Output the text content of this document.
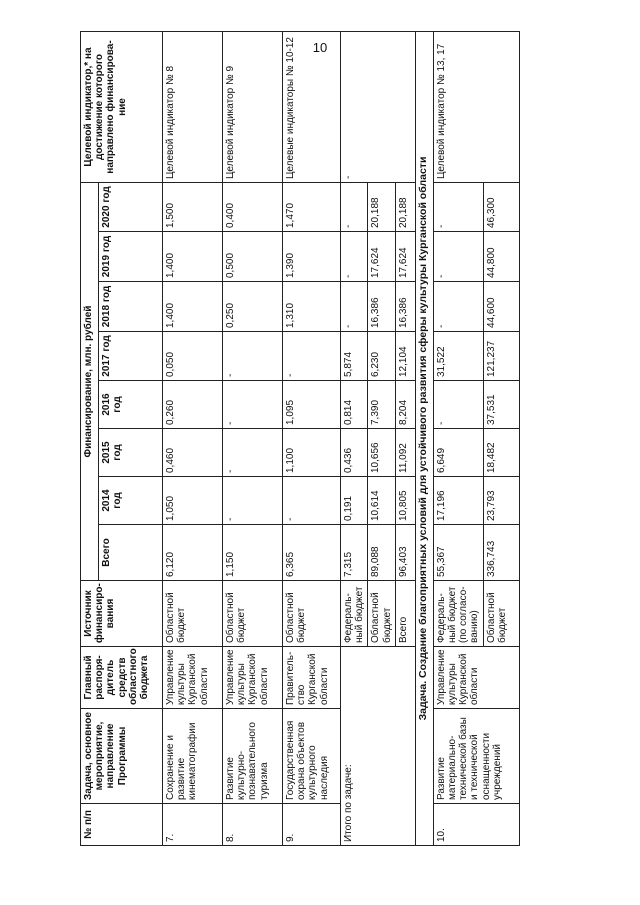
10
№ п/п	Задача, основное мероприятие, направление Программы	Главный распоря-дитель средств областного бюджета	Источник финансиро-вания	Финансирование, млн. рублей								Целевой индикатор,* на достижение которого направлено финансирова-ние
				Всего	2014 год	2015 год	2016 год	2017 год	2018 год	2019 год	2020 год	
7.	Сохранение и развитие кинематографии	Управление культуры Курганской области	Областной бюджет	6,120	1,050	0,460	0,260	0,050	1,400	1,400	1,500	Целевой индикатор № 8
8.	Развитие культурно-познавательного туризма	Управление культуры Курганской области	Областной бюджет	1,150	-	-	-	-	0,250	0,500	0,400	Целевой индикатор № 9
9.	Государственная охрана объектов культурного наследия	Правитель-ство Курганской области	Областной бюджет	6,365	-	1,100	1,095	-	1,310	1,390	1,470	Целевые индикаторы № 10-12
Итого по задаче:			Федераль-ный бюджет	7,315	0,191	0,436	0,814	5,874	-	-	-	-
			Областной бюджет	89,088	10,614	10,656	7,390	6,230	16,386	17,624	20,188	
			Всего	96,403	10,805	11,092	8,204	12,104	16,386	17,624	20,188	
Задача. Создание благоприятных условий для устойчивого развития сферы культуры Курганской области												
10.	Развитие материально-технической базы и технической оснащенности учреждений	Управление культуры Курганской области	Федераль-ный бюджет (по согласо-ванию)	55,367	17,196	6,649	-	31,522	-	-	-	Целевой индикатор № 13, 17
			Областной бюджет	336,743	23,793	18,482	37,531	121,237	44,600	44,800	46,300	
